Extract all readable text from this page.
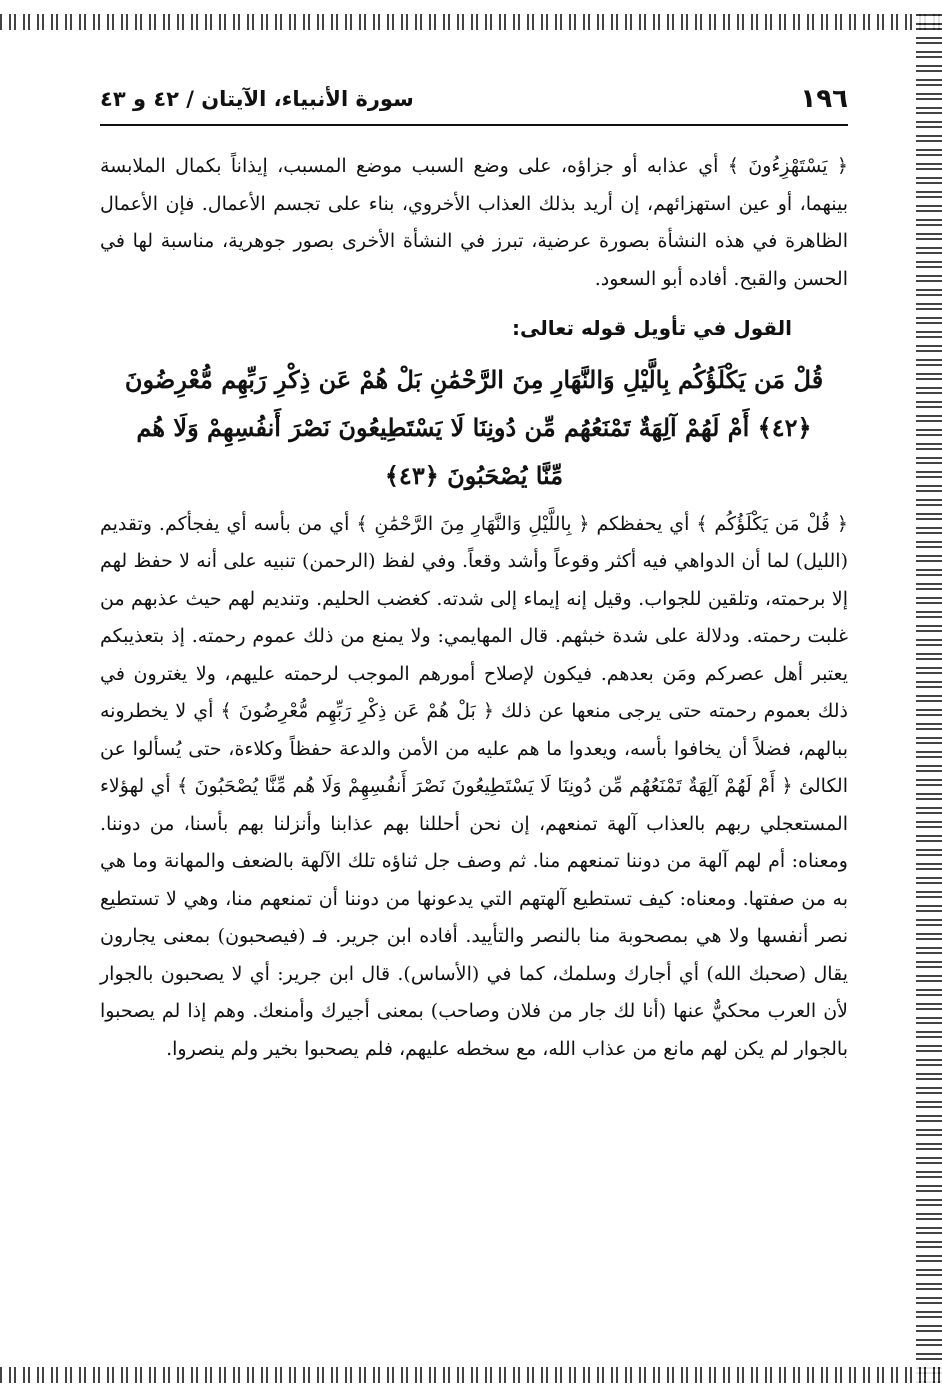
١٩٦
سورة الأنبياء، الآيتان / ٤٢ و ٤٣

﴿ يَسْتَهْزِءُونَ ﴾ أي عذابه أو جزاؤه، على وضع السبب موضع المسبب، إيذاناً بكمال الملابسة بينهما، أو عين استهزائهم، إن أريد بذلك العذاب الأخروي، بناء على تجسم الأعمال. فإن الأعمال الظاهرة في هذه النشأة بصورة عرضية، تبرز في النشأة الأخرى بصور جوهرية، مناسبة لها في الحسن والقبح. أفاده أبو السعود.

القول في تأويل قوله تعالى:

قُلْ مَن يَكْلَؤُكُم بِالَّيْلِ وَالنَّهَارِ مِنَ الرَّحْمَٰنِ بَلْ هُمْ عَن ذِكْرِ رَبِّهِم مُّعْرِضُونَ ﴿٤٢﴾ أَمْ لَهُمْ آلِهَةٌ تَمْنَعُهُم مِّن دُونِنَا لَا يَسْتَطِيعُونَ نَصْرَ أَنفُسِهِمْ وَلَا هُم مِّنَّا يُصْحَبُونَ ﴿٤٣﴾

﴿ قُلْ مَن يَكْلَؤُكُم ﴾ أي يحفظكم ﴿ بِاللَّيْلِ وَالنَّهَارِ مِنَ الرَّحْمَٰنِ ﴾ أي من بأسه أي يفجأكم. وتقديم (الليل) لما أن الدواهي فيه أكثر وقوعاً وأشد وقعاً. وفي لفظ (الرحمن) تنبيه على أنه لا حفظ لهم إلا برحمته، وتلقين للجواب. وقيل إنه إيماء إلى شدته. كغضب الحليم. وتنديم لهم حيث عذبهم من غلبت رحمته. ودلالة على شدة خبثهم. قال المهايمي: ولا يمنع من ذلك عموم رحمته. إذ بتعذيبكم يعتبر أهل عصركم ومَن بعدهم. فيكون لإصلاح أمورهم الموجب لرحمته عليهم، ولا يغترون في ذلك بعموم رحمته حتى يرجى منعها عن ذلك ﴿ بَلْ هُمْ عَن ذِكْرِ رَبِّهِم مُّعْرِضُونَ ﴾ أي لا يخطرونه ببالهم، فضلاً أن يخافوا بأسه، ويعدوا ما هم عليه من الأمن والدعة حفظاً وكلاءة، حتى يُسألوا عن الكالئ ﴿ أَمْ لَهُمْ آلِهَةٌ تَمْنَعُهُم مِّن دُونِنَا لَا يَسْتَطِيعُونَ نَصْرَ أَنفُسِهِمْ وَلَا هُم مِّنَّا يُصْحَبُونَ ﴾ أي لهؤلاء المستعجلي ربهم بالعذاب آلهة تمنعهم، إن نحن أحللنا بهم عذابنا وأنزلنا بهم بأسنا، من دوننا. ومعناه: أم لهم آلهة من دوننا تمنعهم منا. ثم وصف جل ثناؤه تلك الآلهة بالضعف والمهانة وما هي به من صفتها. ومعناه: كيف تستطيع آلهتهم التي يدعونها من دوننا أن تمنعهم منا، وهي لا تستطيع نصر أنفسها ولا هي بمصحوبة منا بالنصر والتأييد. أفاده ابن جرير. فـ (فيصحبون) بمعنى يجارون يقال (صحبك الله) أي أجارك وسلمك، كما في (الأساس). قال ابن جرير: أي لا يصحبون بالجوار لأن العرب محكيٌّ عنها (أنا لك جار من فلان وصاحب) بمعنى أجيرك وأمنعك. وهم إذا لم يصحبوا بالجوار لم يكن لهم مانع من عذاب الله، مع سخطه عليهم، فلم يصحبوا بخير ولم ينصروا.
